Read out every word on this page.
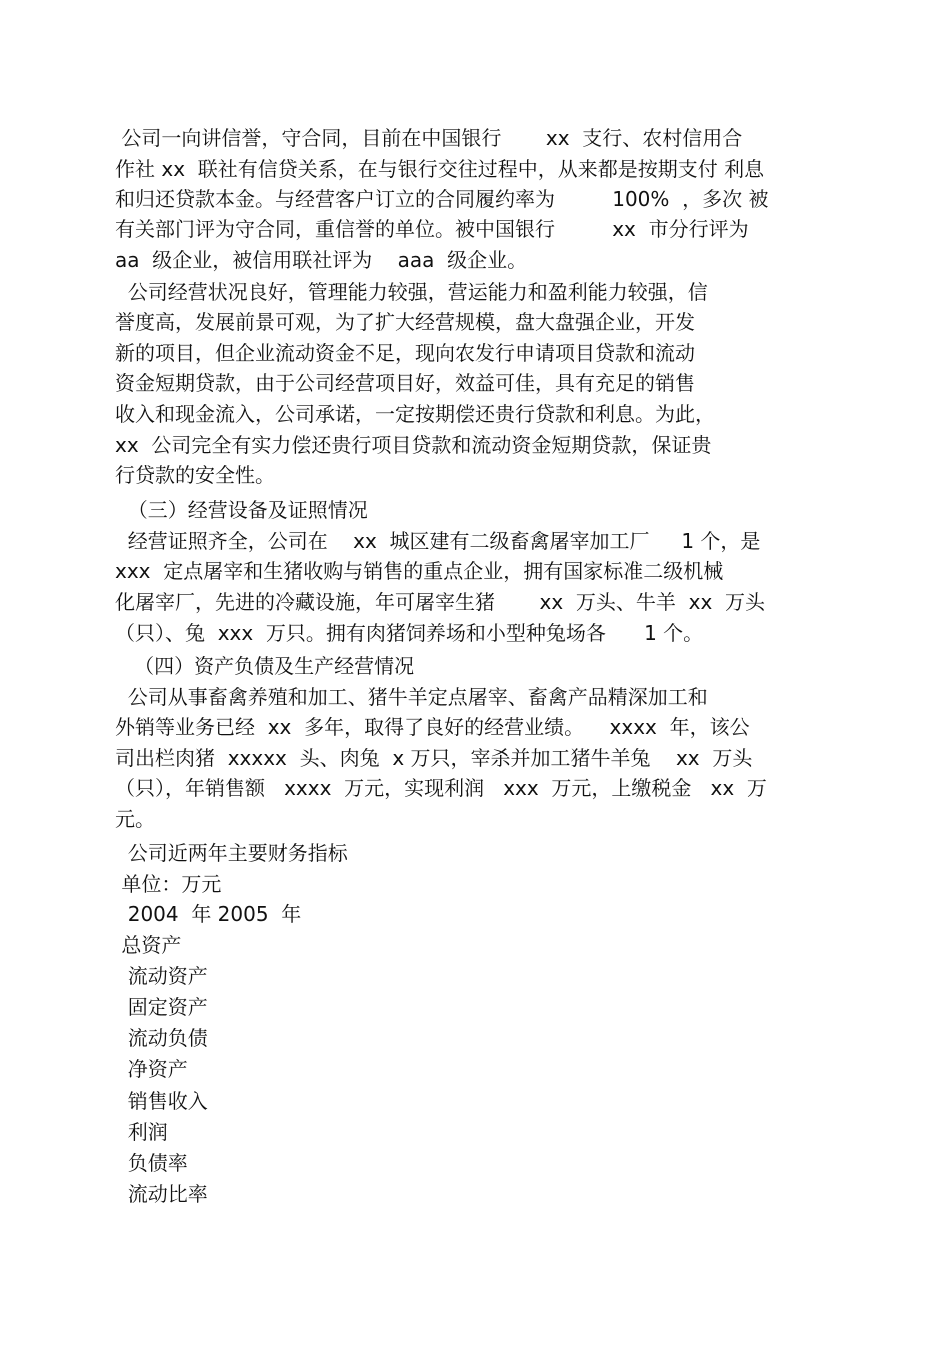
公司一向讲信誉，守合同，目前在中国银行       xx  支行、农村信用合

作社 xx  联社有信贷关系，在与银行交往过程中，从来都是按期支付 利息

和归还贷款本金。与经营客户订立的合同履约率为         100%  ，多次 被

有关部门评为守合同，重信誉的单位。被中国银行         xx  市分行评为

aa  级企业，被信用联社评为    aaa  级企业。

公司经营状况良好，管理能力较强，营运能力和盈利能力较强，信

誉度高，发展前景可观，为了扩大经营规模，盘大盘强企业，开发

新的项目，但企业流动资金不足，现向农发行申请项目贷款和流动

资金短期贷款，由于公司经营项目好，效益可佳，具有充足的销售

收入和现金流入，公司承诺，一定按期偿还贵行贷款和利息。为此，

xx  公司完全有实力偿还贵行项目贷款和流动资金短期贷款，保证贵

行贷款的安全性。

（三）经营设备及证照情况

经营证照齐全，公司在    xx  城区建有二级畜禽屠宰加工厂     1 个，是

xxx  定点屠宰和生猪收购与销售的重点企业，拥有国家标准二级机械

化屠宰厂，先进的冷藏设施，年可屠宰生猪       xx  万头、牛羊  xx  万头

（只）、兔  xxx  万只。拥有肉猪饲养场和小型种兔场各      1 个。

（四）资产负债及生产经营情况

公司从事畜禽养殖和加工、猪牛羊定点屠宰、畜禽产品精深加工和

外销等业务已经  xx  多年，取得了良好的经营业绩。    xxxx  年，该公

司出栏肉猪  xxxxx  头、肉兔  x 万只，宰杀并加工猪牛羊兔    xx  万头

（只），年销售额   xxxx  万元，实现利润   xxx  万元，上缴税金   xx  万

元。

公司近两年主要财务指标

单位：万元

2004  年 2005  年

总资产

流动资产

固定资产

流动负债

净资产

销售收入

利润

负债率

流动比率
